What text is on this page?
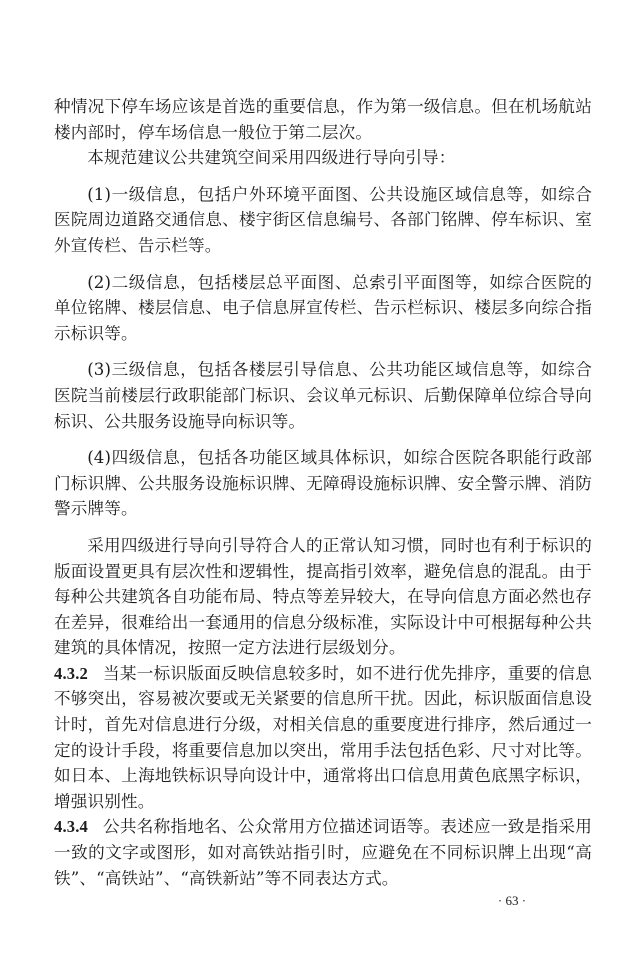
种情况下停车场应该是首选的重要信息，作为第一级信息。但在机场航站楼内部时，停车场信息一般位于第二层次。

本规范建议公共建筑空间采用四级进行导向引导：

(1)一级信息，包括户外环境平面图、公共设施区域信息等，如综合医院周边道路交通信息、楼宇街区信息编号、各部门铭牌、停车标识、室外宣传栏、告示栏等。

(2)二级信息，包括楼层总平面图、总索引平面图等，如综合医院的单位铭牌、楼层信息、电子信息屏宣传栏、告示栏标识、楼层多向综合指示标识等。

(3)三级信息，包括各楼层引导信息、公共功能区域信息等，如综合医院当前楼层行政职能部门标识、会议单元标识、后勤保障单位综合导向标识、公共服务设施导向标识等。

(4)四级信息，包括各功能区域具体标识，如综合医院各职能行政部门标识牌、公共服务设施标识牌、无障碍设施标识牌、安全警示牌、消防警示牌等。

采用四级进行导向引导符合人的正常认知习惯，同时也有利于标识的版面设置更具有层次性和逻辑性，提高指引效率，避免信息的混乱。由于每种公共建筑各自功能布局、特点等差异较大，在导向信息方面必然也存在差异，很难给出一套通用的信息分级标准，实际设计中可根据每种公共建筑的具体情况，按照一定方法进行层级划分。

4.3.2 当某一标识版面反映信息较多时，如不进行优先排序，重要的信息不够突出，容易被次要或无关紧要的信息所干扰。因此，标识版面信息设计时，首先对信息进行分级，对相关信息的重要度进行排序，然后通过一定的设计手段，将重要信息加以突出，常用手法包括色彩、尺寸对比等。如日本、上海地铁标识导向设计中，通常将出口信息用黄色底黑字标识，增强识别性。

4.3.4 公共名称指地名、公众常用方位描述词语等。表述应一致是指采用一致的文字或图形，如对高铁站指引时，应避免在不同标识牌上出现“高铁”、“高铁站”、“高铁新站”等不同表达方式。

· 63 ·
